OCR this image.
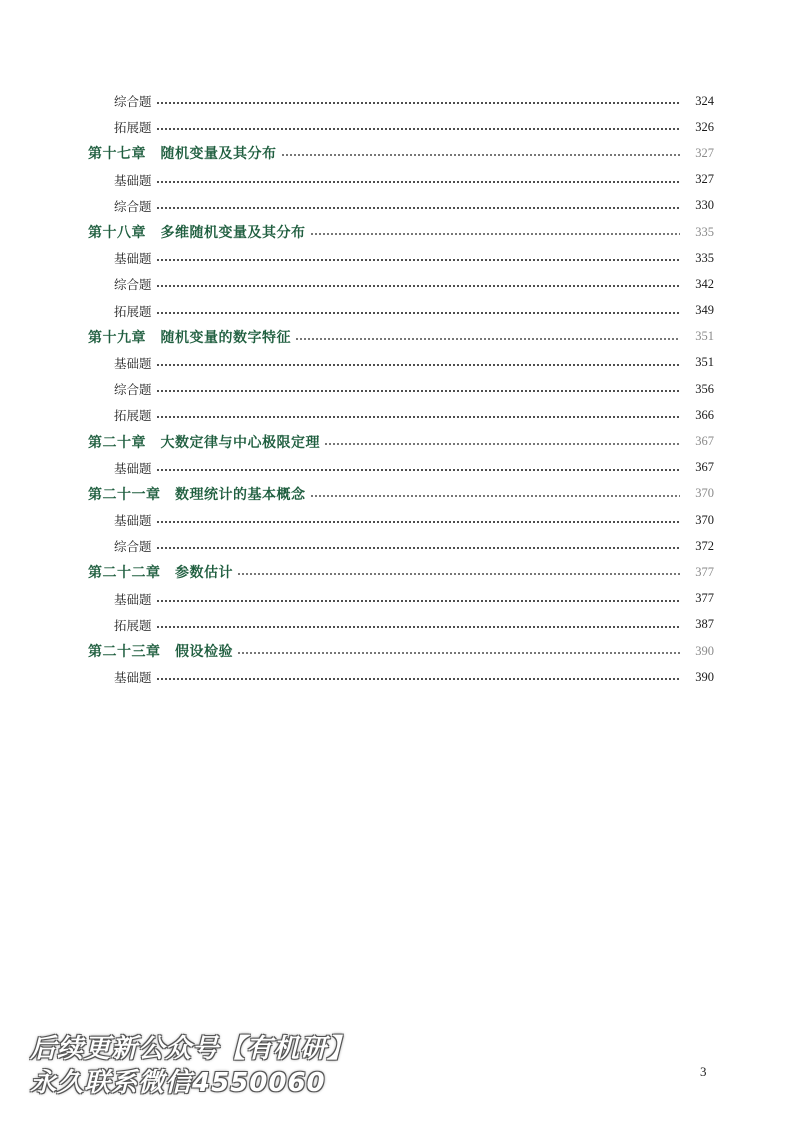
综合题	324
拓展题	326
第十七章　随机变量及其分布	327
基础题	327
综合题	330
第十八章　多维随机变量及其分布	335
基础题	335
综合题	342
拓展题	349
第十九章　随机变量的数字特征	351
基础题	351
综合题	356
拓展题	366
第二十章　大数定律与中心极限定理	367
基础题	367
第二十一章　数理统计的基本概念	370
基础题	370
综合题	372
第二十二章　参数估计	377
基础题	377
拓展题	387
第二十三章　假设检验	390
基础题	390
3
后续更新公众号【有机研】
永久联系微信4550060
